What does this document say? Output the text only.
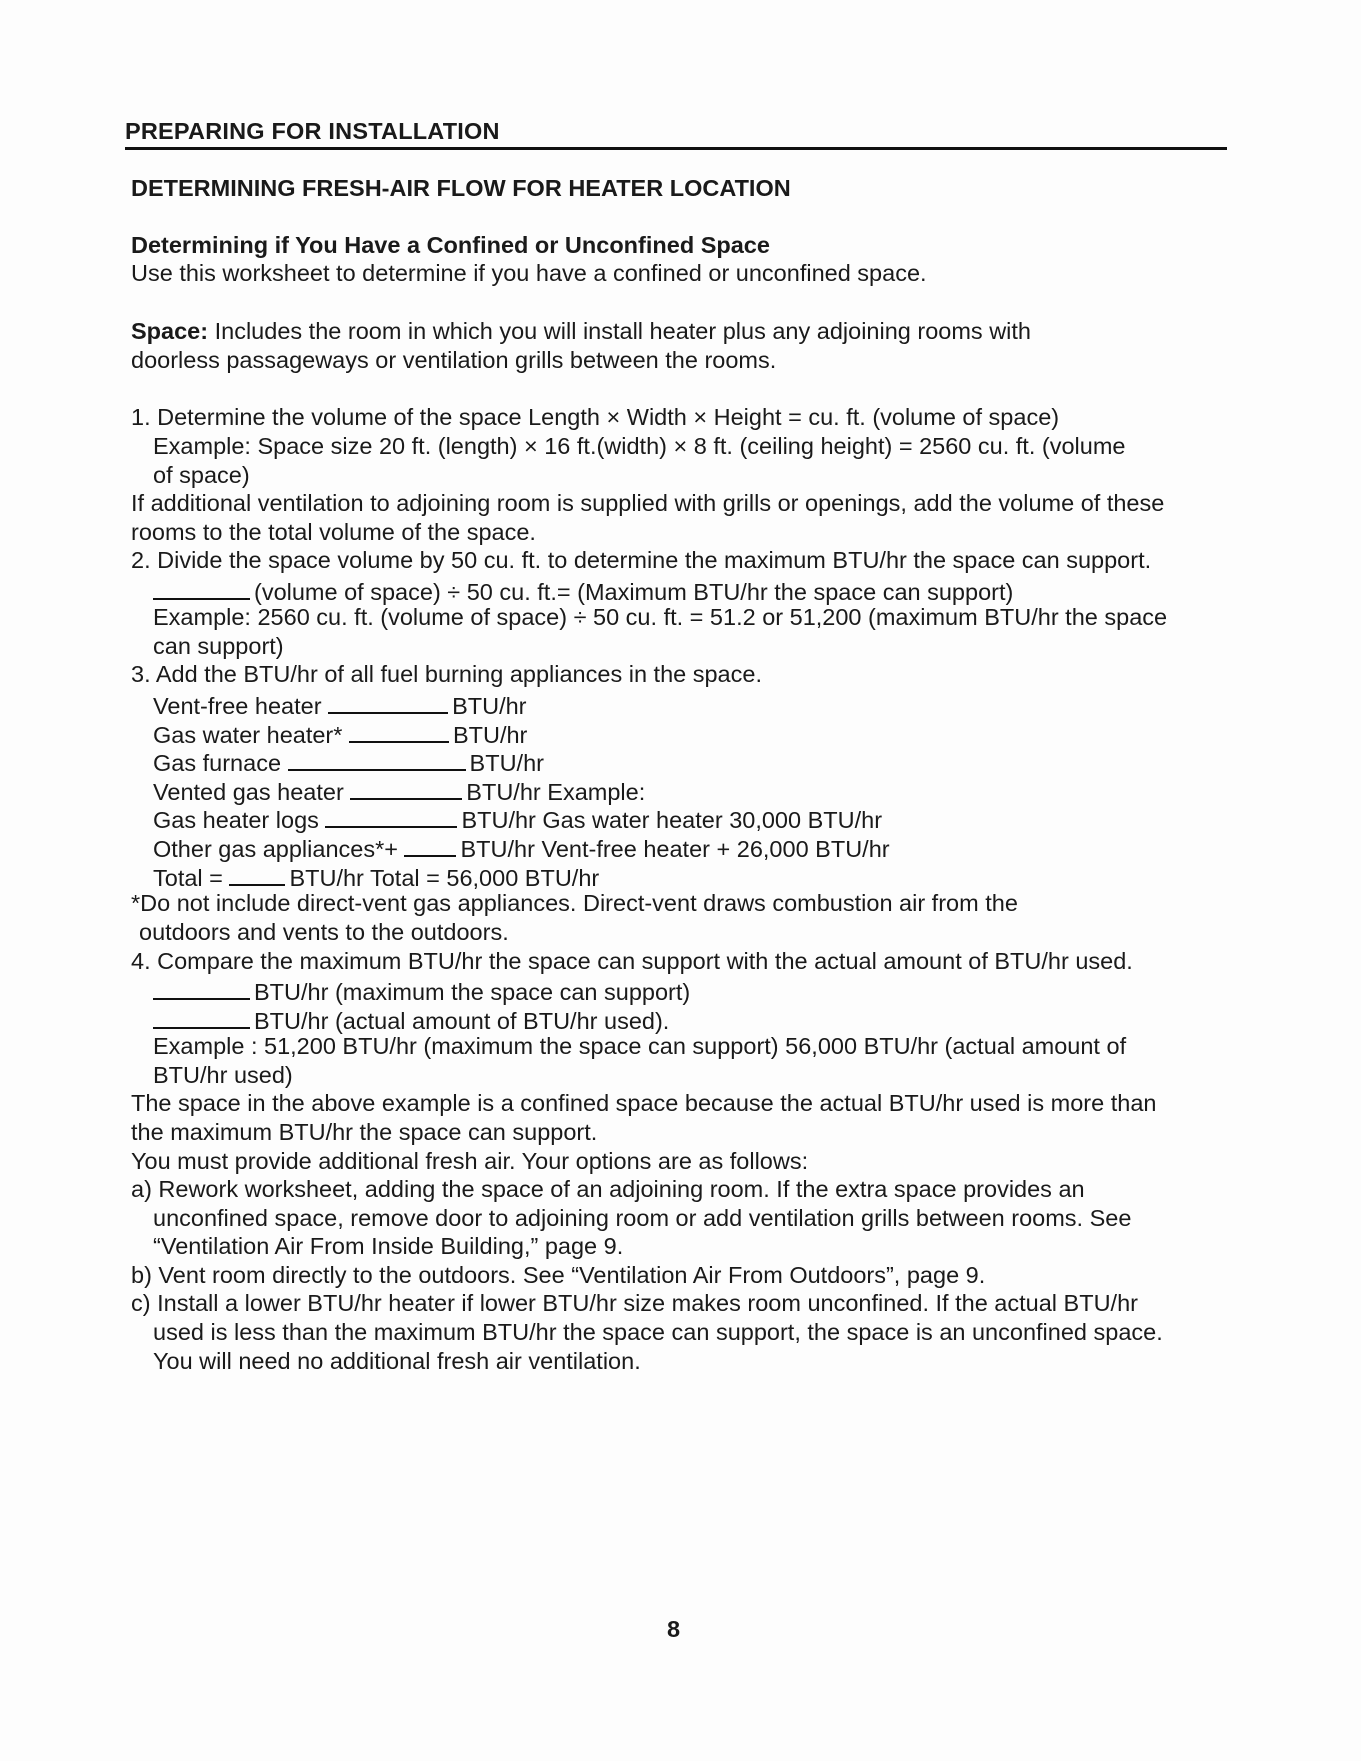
PREPARING FOR INSTALLATION
DETERMINING FRESH-AIR FLOW FOR HEATER LOCATION
Determining if You Have a Confined or Unconfined Space
Use this worksheet to determine if you have a confined or unconfined space.
Space: Includes the room in which you will install heater plus any adjoining rooms with
doorless passageways or ventilation grills between the rooms.
1. Determine the volume of the space Length × Width × Height = cu. ft. (volume of space)
Example: Space size 20 ft. (length) × 16 ft.(width) × 8 ft. (ceiling height) = 2560 cu. ft. (volume
of space)
If additional ventilation to adjoining room is supplied with grills or openings, add the volume of these
rooms to the total volume of the space.
2. Divide the space volume by 50 cu. ft. to determine the maximum BTU/hr the space can support.
(volume of space) ÷ 50 cu. ft.= (Maximum BTU/hr the space can support)
Example: 2560 cu. ft. (volume of space) ÷ 50 cu. ft. = 51.2 or 51,200 (maximum BTU/hr the space
can support)
3. Add the BTU/hr of all fuel burning appliances in the space.
Vent-free heater	BTU/hr
Gas water heater*	BTU/hr
Gas furnace	BTU/hr
Vented gas heater	BTU/hr Example:
Gas heater logs	BTU/hr Gas water heater 30,000 BTU/hr
Other gas appliances*+	BTU/hr Vent-free heater + 26,000 BTU/hr
Total =	BTU/hr Total = 56,000 BTU/hr
*Do not include direct-vent gas appliances. Direct-vent draws combustion air from the
outdoors and vents to the outdoors.
4. Compare the maximum BTU/hr the space can support with the actual amount of BTU/hr used.
BTU/hr (maximum the space can support)
BTU/hr (actual amount of BTU/hr used).
Example : 51,200 BTU/hr (maximum the space can support) 56,000 BTU/hr (actual amount of
BTU/hr used)
The space in the above example is a confined space because the actual BTU/hr used is more than
the maximum BTU/hr the space can support.
You must provide additional fresh air. Your options are as follows:
a) Rework worksheet, adding the space of an adjoining room. If the extra space provides an
unconfined space, remove door to adjoining room or add ventilation grills between rooms. See
“Ventilation Air From Inside Building,” page 9.
b) Vent room directly to the outdoors. See “Ventilation Air From Outdoors”, page 9.
c) Install a lower BTU/hr heater if lower BTU/hr size makes room unconfined. If the actual BTU/hr
used is less than the maximum BTU/hr the space can support, the space is an unconfined space.
You will need no additional fresh air ventilation.
8
